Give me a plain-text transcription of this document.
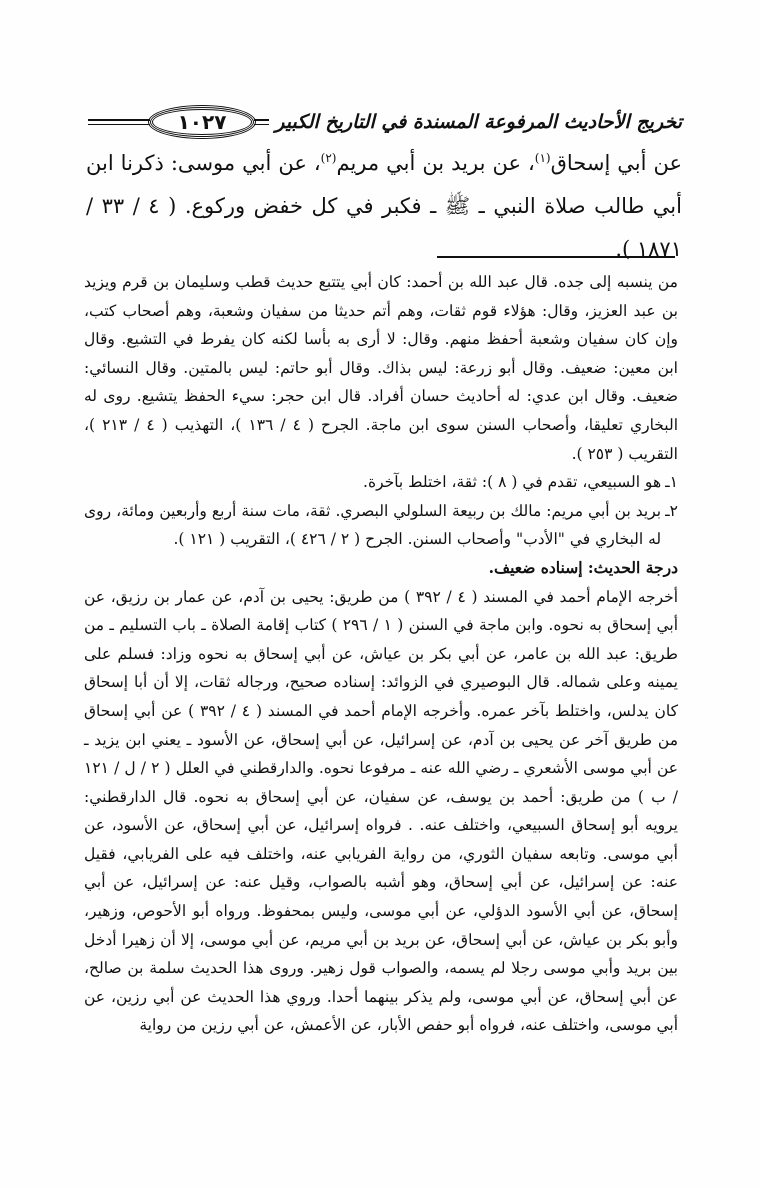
تخريج الأحاديث المرفوعة المسندة في التاريخ الكبير
١٠٢٧
عن أبي إسحاق$^{(١)}$، عن بريد بن أبي مريم$^{(٢)}$، عن أبي موسى: ذكرنا ابن أبي طالب صلاة النبي ـ ﷺ ـ فكبر في كل خفض وركوع. ( ٤ / ٣٣ / ١٨٧١ ).

من ينسبه إلى جده. قال عبد الله بن أحمد: كان أبي يتتبع حديث قطب وسليمان بن قرم ويزيد بن عبد العزيز، وقال: هؤلاء قوم ثقات، وهم أتم حديثا من سفيان وشعبة، وهم أصحاب كتب، وإن كان سفيان وشعبة أحفظ منهم. وقال: لا أرى به بأسا لكنه كان يفرط في التشيع. وقال ابن معين: ضعيف. وقال أبو زرعة: ليس بذاك. وقال أبو حاتم: ليس بالمتين. وقال النسائي: ضعيف. وقال ابن عدي: له أحاديث حسان أفراد. قال ابن حجر: سيء الحفظ يتشيع. روى له البخاري تعليقا، وأصحاب السنن سوى ابن ماجة. الجرح ( ٤ / ١٣٦ )، التهذيب ( ٤ / ٢١٣ )، التقريب ( ٢٥٣ ).

١ـ
هو السبيعي، تقدم في ( ٨ ): ثقة، اختلط بآخرة.
٢ـ
بريد بن أبي مريم: مالك بن ربيعة السلولي البصري. ثقة، مات سنة أربع وأربعين ومائة، روى له البخاري في "الأدب" وأصحاب السنن. الجرح ( ٢ / ٤٢٦ )، التقريب ( ١٢١ ).

درجة الحديث: إسناده ضعيف.

أخرجه الإمام أحمد في المسند ( ٤ / ٣٩٢ ) من طريق: يحيى بن آدم، عن عمار بن رزيق، عن أبي إسحاق به نحوه. وابن ماجة في السنن ( ١ / ٢٩٦ ) كتاب إقامة الصلاة ـ باب التسليم ـ من طريق: عبد الله بن عامر، عن أبي بكر بن عياش، عن أبي إسحاق به نحوه وزاد: فسلم على يمينه وعلى شماله. قال البوصيري في الزوائد: إسناده صحيح، ورجاله ثقات، إلا أن أبا إسحاق كان يدلس، واختلط بآخر عمره. وأخرجه الإمام أحمد في المسند ( ٤ / ٣٩٢ ) عن أبي إسحاق من طريق آخر عن يحيى بن آدم، عن إسرائيل، عن أبي إسحاق، عن الأسود ـ يعني ابن يزيد ـ عن أبي موسى الأشعري ـ رضي الله عنه ـ مرفوعا نحوه. والدارقطني في العلل ( ٢ / ل / ١٢١ / ب ) من طريق: أحمد بن يوسف، عن سفيان، عن أبي إسحاق به نحوه. قال الدارقطني: يرويه أبو إسحاق السبيعي، واختلف عنه. . فرواه إسرائيل، عن أبي إسحاق، عن الأسود، عن أبي موسى. وتابعه سفيان الثوري، من رواية الفريابي عنه، واختلف فيه على الفريابي، فقيل عنه: عن إسرائيل، عن أبي إسحاق، وهو أشبه بالصواب، وقيل عنه: عن إسرائيل، عن أبي إسحاق، عن أبي الأسود الدؤلي، عن أبي موسى، وليس بمحفوظ. ورواه أبو الأحوص، وزهير، وأبو بكر بن عياش، عن أبي إسحاق، عن بريد بن أبي مريم، عن أبي موسى، إلا أن زهيرا أدخل بين بريد وأبي موسى رجلا لم يسمه، والصواب قول زهير. وروى هذا الحديث سلمة بن صالح، عن أبي إسحاق، عن أبي موسى، ولم يذكر بينهما أحدا. وروي هذا الحديث عن أبي رزين، عن أبي موسى، واختلف عنه، فرواه أبو حفص الأبار، عن الأعمش، عن أبي رزين من رواية
